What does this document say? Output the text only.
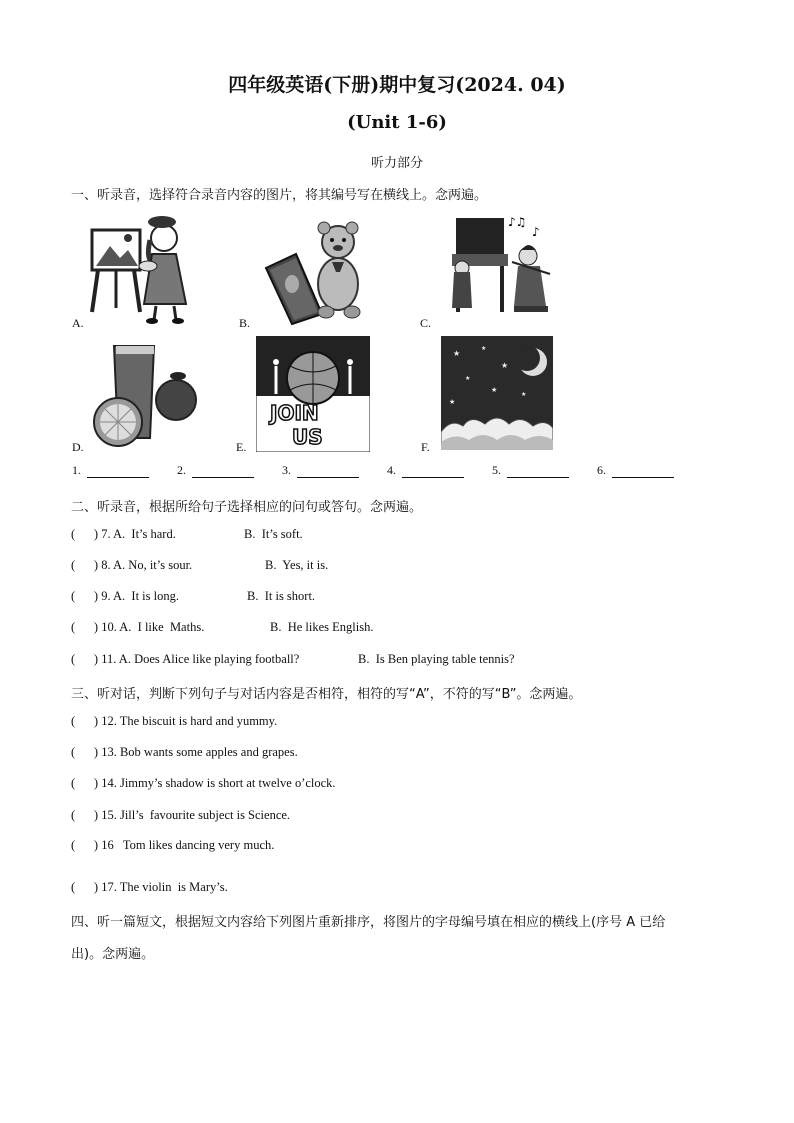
四年级英语(下册)期中复习(2024. 04)
(Unit 1-6)
听力部分
一、听录音，选择符合录音内容的图片，将其编号写在横线上。念两遍。
A.	B.
♪♫
♪
C.
D.
JOIN
US
E.
★
★
★
★
★
★
★
F.
1.	2.	3.	4.	5.	6.
二、听录音，根据所给句子选择相应的问句或答句。念两遍。
(      ) 7. A.  It’s hard.	B.  It’s soft.
(      ) 8. A. No, it’s sour.	B.  Yes, it is.
(      ) 9. A.  It is long.	B.  It is short.
(      ) 10. A.  I like  Maths.	B.  He likes English.
(      ) 11. A. Does Alice like playing football?	B.  Is Ben playing table tennis?
三、听对话，判断下列句子与对话内容是否相符，相符的写“A”，不符的写“B”。念两遍。
(      ) 12. The biscuit is hard and yummy.
(      ) 13. Bob wants some apples and grapes.
(      ) 14. Jimmy’s shadow is short at twelve o’clock.
(      ) 15. Jill’s  favourite subject is Science.
(      ) 16   Tom likes dancing very much.
(      ) 17. The violin  is Mary’s.
四、听一篇短文，根据短文内容给下列图片重新排序，将图片的字母编号填在相应的横线上(序号 A 已给
出)。念两遍。
